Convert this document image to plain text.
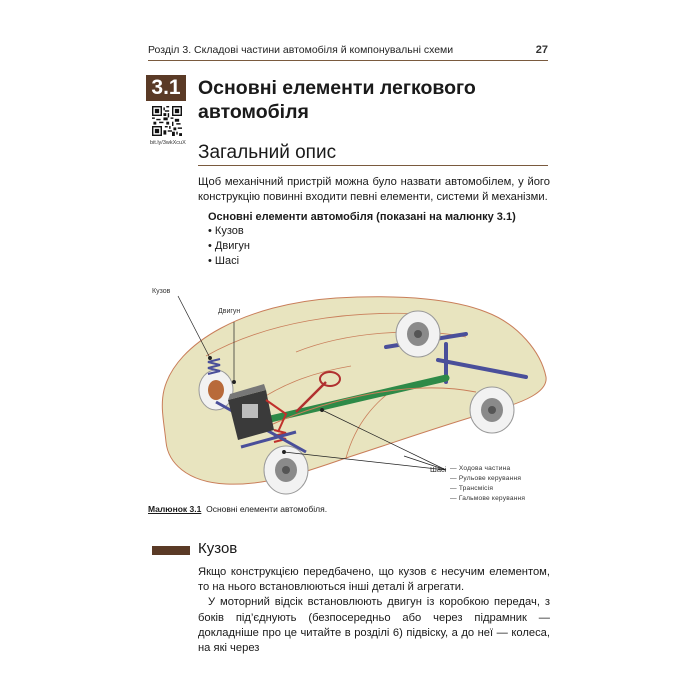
Розділ 3. Складові частини автомобіля й компонувальні схеми	27
3.1 Основні елементи легкового автомобіля
bit.ly/3wkXcuX Загальний опис
Щоб механічний пристрій можна було назвати автомобілем, у його конструкцію повинні входити певні елементи, системи й механізми.
Основні елементи автомобіля (показані на малюнку 3.1)
• Кузов
• Двигун
• Шасі
Кузов
Двигун
Шасі — Ходова частина
— Рульове керування
— Трансмісія
— Гальмове керування
Малюнок 3.1 Основні елементи автомобіля.
Кузов

Якщо конструкцією передбачено, що кузов є несучим елементом, то на нього встановлюються інші деталі й агрегати.

У моторний відсік встановлюють двигун із коробкою передач, з боків під’єднують (безпосередньо або через підрамник — докладніше про це читайте в розділі 6) підвіску, а до неї — колеса, на які через
